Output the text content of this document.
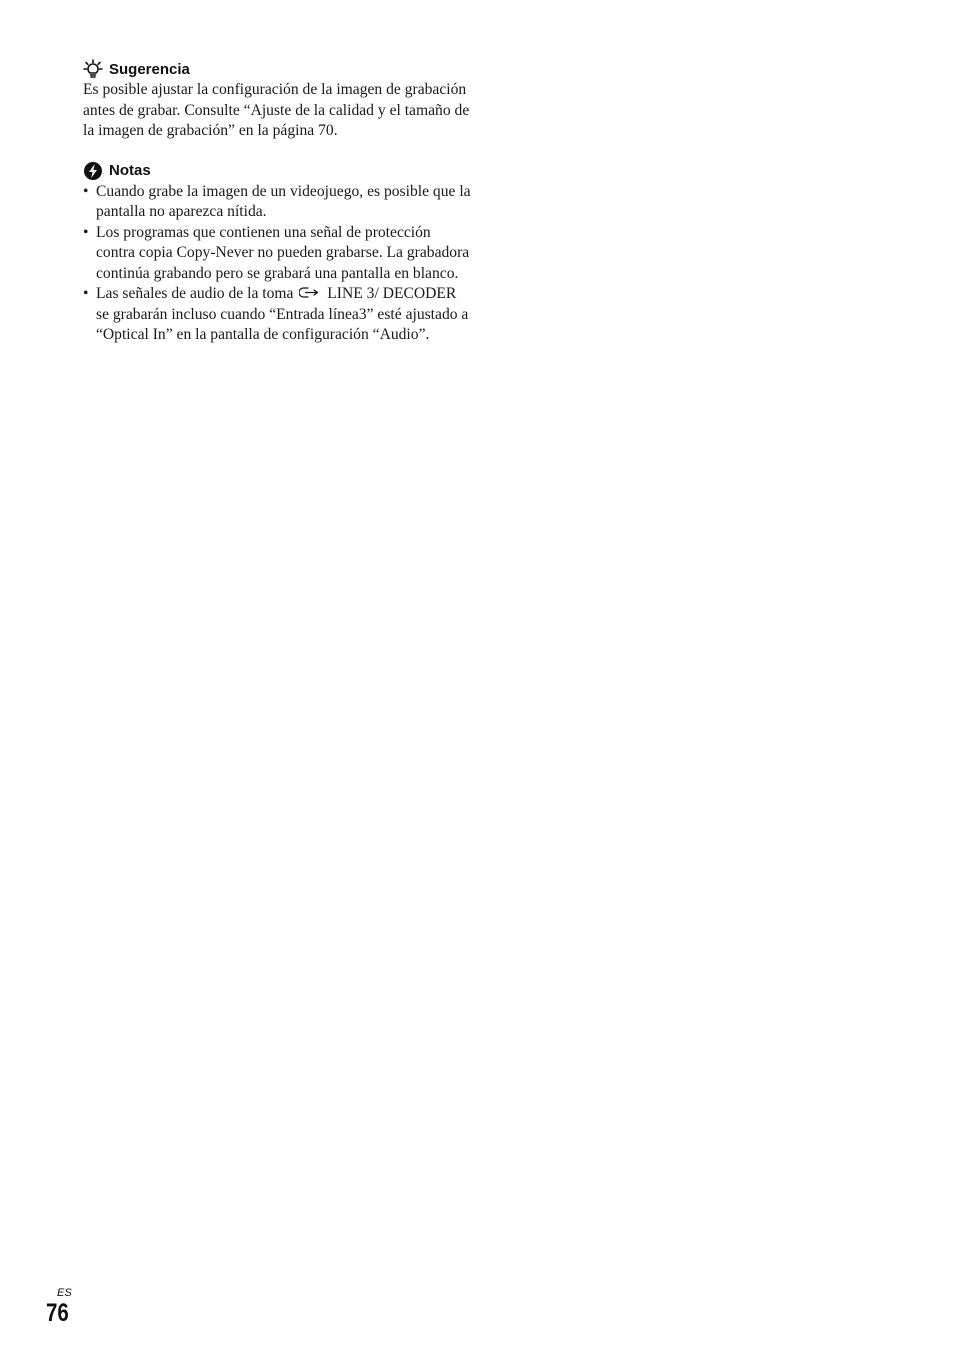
Sugerencia

Es posible ajustar la configuración de la imagen de grabación antes de grabar. Consulte “Ajuste de la calidad y el tamaño de la imagen de grabación” en la página 70.

Notas
• Cuando grabe la imagen de un videojuego, es posible que la pantalla no aparezca nítida.
• Los programas que contienen una señal de protección contra copia Copy-Never no pueden grabarse. La grabadora continúa grabando pero se grabará una pantalla en blanco.
• Las señales de audio de la toma LINE 3/ DECODER se grabarán incluso cuando “Entrada línea3” esté ajustado a “Optical In” en la pantalla de configuración “Audio”.
ES
76
